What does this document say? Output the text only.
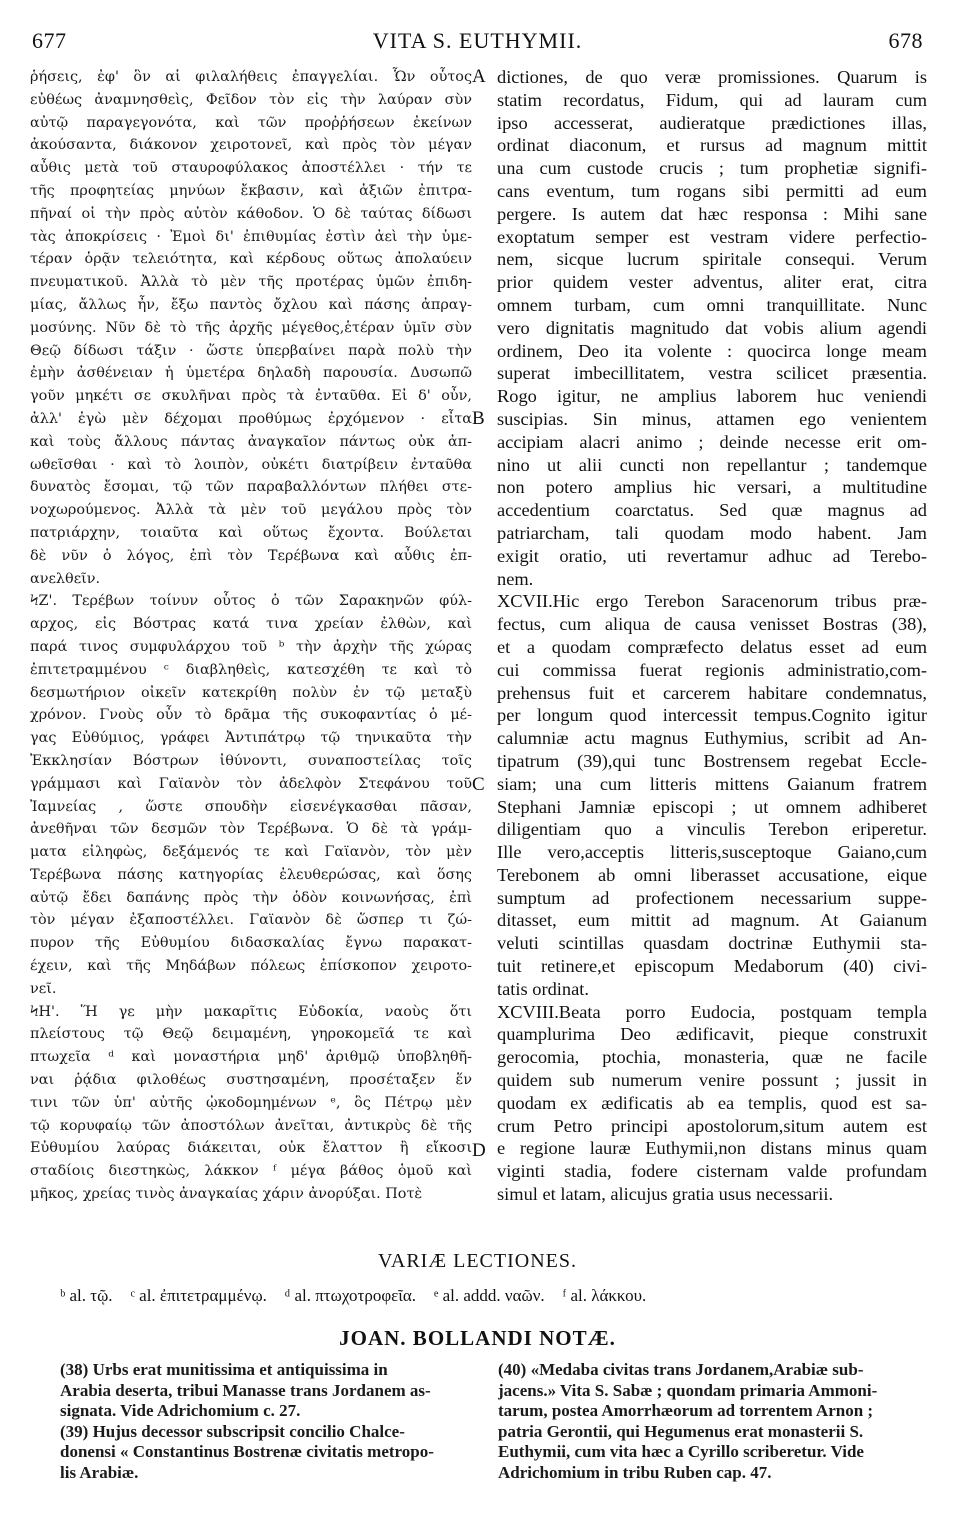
677	VITA S. EUTHYMII.	678
ῥήσεις, ἐφ' ὃν αἱ φιλαλήθεις ἐπαγγελίαι. Ὧν οὗτος
εὐθέως ἀναμνησθεὶς, Φεῖδον τὸν εἰς τὴν λαύραν σὺν
αὐτῷ παραγεγονότα, καὶ τῶν προῤῥήσεων ἐκείνων
ἀκούσαντα, διάκονον χειροτονεῖ, καὶ πρὸς τὸν μέγαν
αὖθις μετὰ τοῦ σταυροφύλακος ἀποστέλλει · τήν τε
τῆς προφητείας μηνύων ἔκβασιν, καὶ ἀξιῶν ἐπιτρα-
πῆναί οἱ τὴν πρὸς αὐτὸν κάθοδον. Ὁ δὲ ταύτας δίδωσι
τὰς ἀποκρίσεις · Ἐμοὶ δι' ἐπιθυμίας ἐστὶν ἀεὶ τὴν ὑμε-
τέραν ὁρᾷν τελειότητα, καὶ κέρδους οὕτως ἀπολαύειν
πνευματικοῦ. Ἀλλὰ τὸ μὲν τῆς προτέρας ὑμῶν ἐπιδη-
μίας, ἄλλως ἦν, ἔξω παντὸς ὄχλου καὶ πάσης ἀπραγ-
μοσύνης. Νῦν δὲ τὸ τῆς ἀρχῆς μέγεθος,ἑτέραν ὑμῖν σὺν
Θεῷ δίδωσι τάξιν · ὥστε ὑπερβαίνει παρὰ πολὺ τὴν
ἐμὴν ἀσθένειαν ἡ ὑμετέρα δηλαδὴ παρουσία. Δυσωπῶ
γοῦν μηκέτι σε σκυλῆναι πρὸς τὰ ἐνταῦθα. Εἰ δ' οὖν,
ἀλλ' ἐγὼ μὲν δέχομαι προθύμως ἐρχόμενον · εἶτα
καὶ τοὺς ἄλλους πάντας ἀναγκαῖον πάντως οὐκ ἀπ-
ωθεῖσθαι · καὶ τὸ λοιπὸν, οὐκέτι διατρίβειν ἐνταῦθα
δυνατὸς ἔσομαι, τῷ τῶν παραβαλλόντων πλήθει στε-
νοχωρούμενος. Ἀλλὰ τὰ μὲν τοῦ μεγάλου πρὸς τὸν
πατριάρχην, τοιαῦτα καὶ οὕτως ἔχοντα. Βούλεται
δὲ νῦν ὁ λόγος, ἐπὶ τὸν Τερέβωνα καὶ αὖθις ἐπ-
ανελθεῖν.
ϞΖ'. Τερέβων τοίνυν οὗτος ὁ τῶν Σαρακηνῶν φύλ-
αρχος, εἰς Βόστρας κατά τινα χρείαν ἐλθὼν, καὶ
παρά τινος συμφυλάρχου τοῦ ᵇ τὴν ἀρχὴν τῆς χώρας
ἐπιτετραμμένου ᶜ διαβληθεὶς, κατεσχέθη τε καὶ τὸ
δεσμωτήριον οἰκεῖν κατεκρίθη πολὺν ἐν τῷ μεταξὺ
χρόνον. Γνοὺς οὖν τὸ δρᾶμα τῆς συκοφαντίας ὁ μέ-
γας Εὐθύμιος, γράφει Ἀντιπάτρῳ τῷ τηνικαῦτα τὴν
Ἐκκλησίαν Βόστρων ἰθύνοντι, συναποστείλας τοῖς
γράμμασι καὶ Γαϊανὸν τὸν ἀδελφὸν Στεφάνου τοῦ
Ἰαμνείας , ὥστε σπουδὴν εἰσενέγκασθαι πᾶσαν,
ἀνεθῆναι τῶν δεσμῶν τὸν Τερέβωνα. Ὁ δὲ τὰ γράμ-
ματα εἰληφὼς, δεξάμενός τε καὶ Γαϊανὸν, τὸν μὲν
Τερέβωνα πάσης κατηγορίας ἐλευθερώσας, καὶ ὅσης
αὐτῷ ἔδει δαπάνης πρὸς τὴν ὁδὸν κοινωνήσας, ἐπὶ
τὸν μέγαν ἐξαποστέλλει. Γαϊανὸν δὲ ὥσπερ τι ζώ-
πυρον τῆς Εὐθυμίου διδασκαλίας ἔγνω παρακατ-
έχειν, καὶ τῆς Μηδάβων πόλεως ἐπίσκοπον χειροτο-
νεῖ.
ϞΗ'. Ἥ γε μὴν μακαρῖτις Εὐδοκία, ναοὺς ὅτι
πλείστους τῷ Θεῷ δειμαμένη, γηροκομεῖά τε καὶ
πτωχεῖα ᵈ καὶ μοναστήρια μηδ' ἀριθμῷ ὑποβληθῆ-
ναι ῥᾴδια φιλοθέως συστησαμένη, προσέταξεν ἕν
τινι τῶν ὑπ' αὐτῆς ᾠκοδομημένων ᵉ, ὃς Πέτρῳ μὲν
τῷ κορυφαίῳ τῶν ἀποστόλων ἀνεῖται, ἀντικρὺς δὲ τῆς
Εὐθυμίου λαύρας διάκειται, οὐκ ἔλαττον ἢ εἴκοσι
σταδίοις διεστηκὼς, λάκκον ᶠ μέγα βάθος ὁμοῦ καὶ
μῆκος, χρείας τινὸς ἀναγκαίας χάριν ἀνορύξαι. Ποτὲ
dictiones, de quo veræ promissiones. Quarum is
statim recordatus, Fidum, qui ad lauram cum
ipso accesserat, audieratque prædictiones illas,
ordinat diaconum, et rursus ad magnum mittit
una cum custode crucis ; tum prophetiæ signifi-
cans eventum, tum rogans sibi permitti ad eum
pergere. Is autem dat hæc responsa : Mihi sane
exoptatum semper est vestram videre perfectio-
nem, sicque lucrum spiritale consequi. Verum
prior quidem vester adventus, aliter erat, citra
omnem turbam, cum omni tranquillitate. Nunc
vero dignitatis magnitudo dat vobis alium agendi
ordinem, Deo ita volente : quocirca longe meam
superat imbecillitatem, vestra scilicet præsentia.
Rogo igitur, ne amplius laborem huc veniendi
suscipias. Sin minus, attamen ego venientem
accipiam alacri animo ; deinde necesse erit om-
nino ut alii cuncti non repellantur ; tandemque
non potero amplius hic versari, a multitudine
accedentium coarctatus. Sed quæ magnus ad
patriarcham, tali quodam modo habent. Jam
exigit oratio, uti revertamur adhuc ad Terebo-
nem.
XCVII.Hic ergo Terebon Saracenorum tribus præ-
fectus, cum aliqua de causa venisset Bostras (38),
et a quodam compræfecto delatus esset ad eum
cui commissa fuerat regionis administratio,com-
prehensus fuit et carcerem habitare condemnatus,
per longum quod intercessit tempus.Cognito igitur
calumniæ actu magnus Euthymius, scribit ad An-
tipatrum (39),qui tunc Bostrensem regebat Eccle-
siam; una cum litteris mittens Gaianum fratrem
Stephani Jamniæ episcopi ; ut omnem adhiberet
diligentiam quo a vinculis Terebon eriperetur.
Ille vero,acceptis litteris,susceptoque Gaiano,cum
Terebonem ab omni liberasset accusatione, eique
sumptum ad profectionem necessarium suppe-
ditasset, eum mittit ad magnum. At Gaianum
veluti scintillas quasdam doctrinæ Euthymii sta-
tuit retinere,et episcopum Medaborum (40) civi-
tatis ordinat.
XCVIII.Beata porro Eudocia, postquam templa
quamplurima Deo ædificavit, pieque construxit
gerocomia, ptochia, monasteria, quæ ne facile
quidem sub numerum venire possunt ; jussit in
quodam ex ædificatis ab ea templis, quod est sa-
crum Petro principi apostolorum,situm autem est
e regione lauræ Euthymii,non distans minus quam
viginti stadia, fodere cisternam valde profundam
simul et latam, alicujus gratia usus necessarii.
A
B
C
D
VARIÆ LECTIONES.
ᵇ al. τῷ. ᶜ al. ἐπιτετραμμένῳ. ᵈ al. πτωχοτροφεῖα. ᵉ al. addd. ναῶν. ᶠ al. λάκκου.
JOAN. BOLLANDI NOTÆ.
(38) Urbs erat munitissima et antiquissima in
Arabia deserta, tribui Manasse trans Jordanem as-
signata. Vide Adrichomium c. 27.
(39) Hujus decessor subscripsit concilio Chalce-
donensi « Constantinus Bostrenæ civitatis metropo-
lis Arabiæ.
(40) «Medaba civitas trans Jordanem,Arabiæ sub-
jacens.» Vita S. Sabæ ; quondam primaria Ammoni-
tarum, postea Amorrhæorum ad torrentem Arnon ;
patria Gerontii, qui Hegumenus erat monasterii S.
Euthymii, cum vita hæc a Cyrillo scriberetur. Vide
Adrichomium in tribu Ruben cap. 47.
